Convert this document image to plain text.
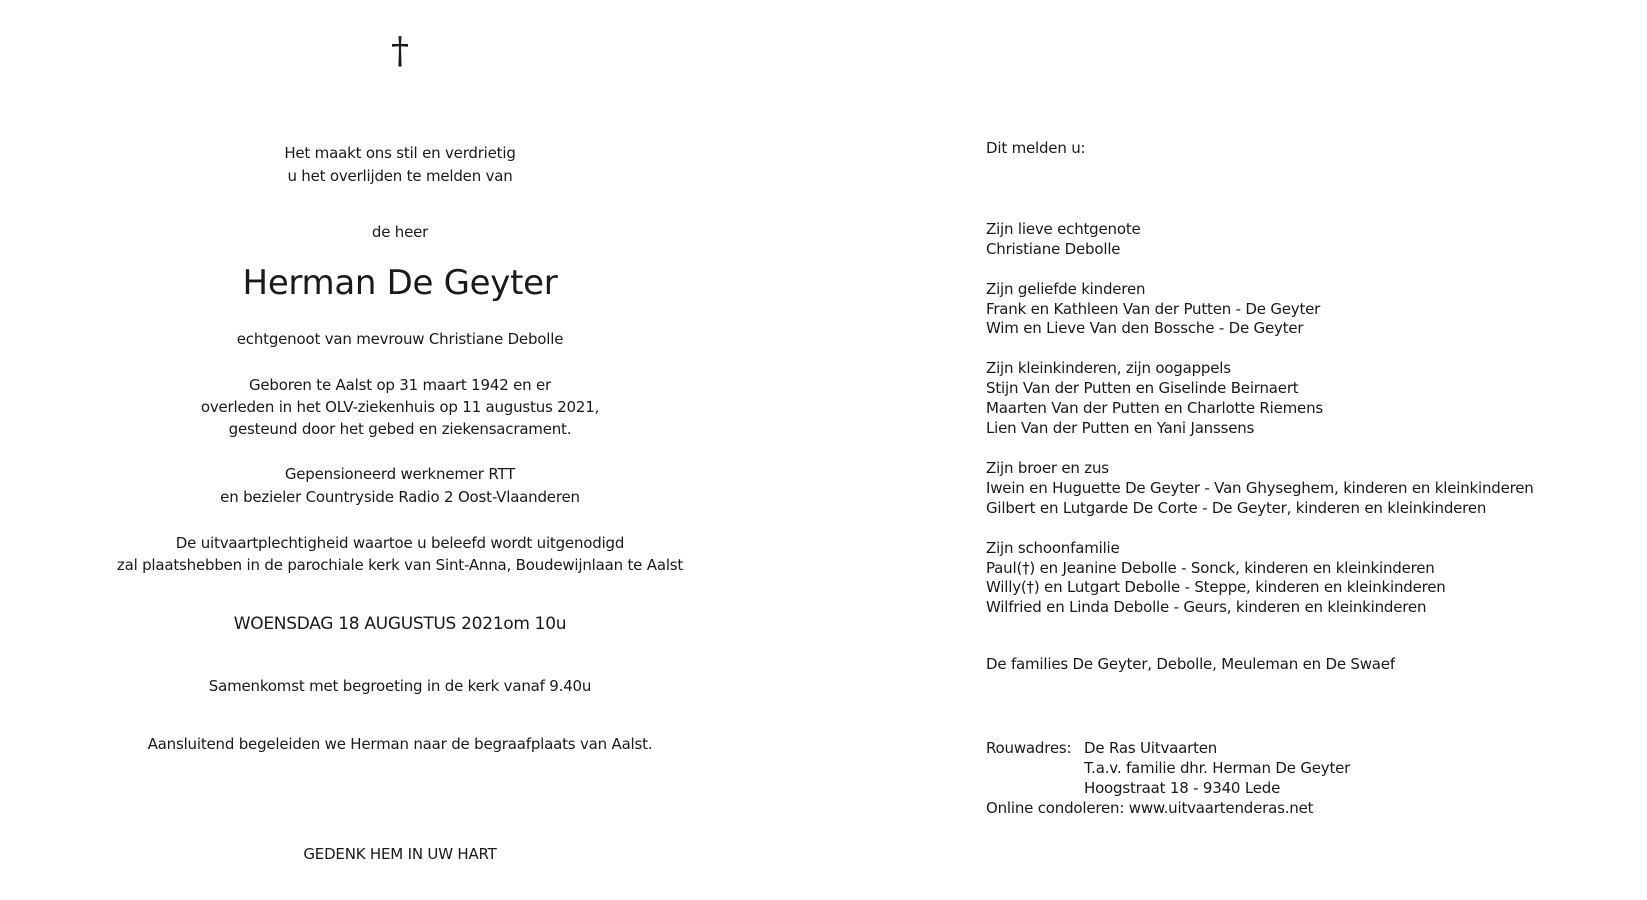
†
Het maakt ons stil en verdrietig
u het overlijden te melden van
de heer
Herman De Geyter
echtgenoot van mevrouw Christiane Debolle
Geboren te Aalst op 31 maart 1942 en er
overleden in het OLV-ziekenhuis op 11 augustus 2021,
gesteund door het gebed en ziekensacrament.
Gepensioneerd werknemer RTT
en bezieler Countryside Radio 2 Oost-Vlaanderen
De uitvaartplechtigheid waartoe u beleefd wordt uitgenodigd
zal plaatshebben in de parochiale kerk van Sint-Anna, Boudewijnlaan te Aalst
WOENSDAG 18 AUGUSTUS 2021om 10u
Samenkomst met begroeting in de kerk vanaf 9.40u
Aansluitend begeleiden we Herman naar de begraafplaats van Aalst.
GEDENK HEM IN UW HART
Dit melden u:
Zijn lieve echtgenote
Christiane Debolle
Zijn geliefde kinderen
Frank en Kathleen Van der Putten - De Geyter
Wim en Lieve Van den Bossche - De Geyter
Zijn kleinkinderen, zijn oogappels
Stijn Van der Putten en Giselinde Beirnaert
Maarten Van der Putten en Charlotte Riemens
Lien Van der Putten en Yani Janssens
Zijn broer en zus
Iwein en Huguette De Geyter - Van Ghyseghem, kinderen en kleinkinderen
Gilbert en Lutgarde De Corte - De Geyter, kinderen en kleinkinderen
Zijn schoonfamilie
Paul(†) en Jeanine Debolle - Sonck, kinderen en kleinkinderen
Willy(†) en Lutgart Debolle - Steppe, kinderen en kleinkinderen
Wilfried en Linda Debolle - Geurs, kinderen en kleinkinderen
De families De Geyter, Debolle, Meuleman en De Swaef
Rouwadres: De Ras Uitvaarten
T.a.v. familie dhr. Herman De Geyter
Hoogstraat 18 - 9340 Lede
Online condoleren: www.uitvaartenderas.net
